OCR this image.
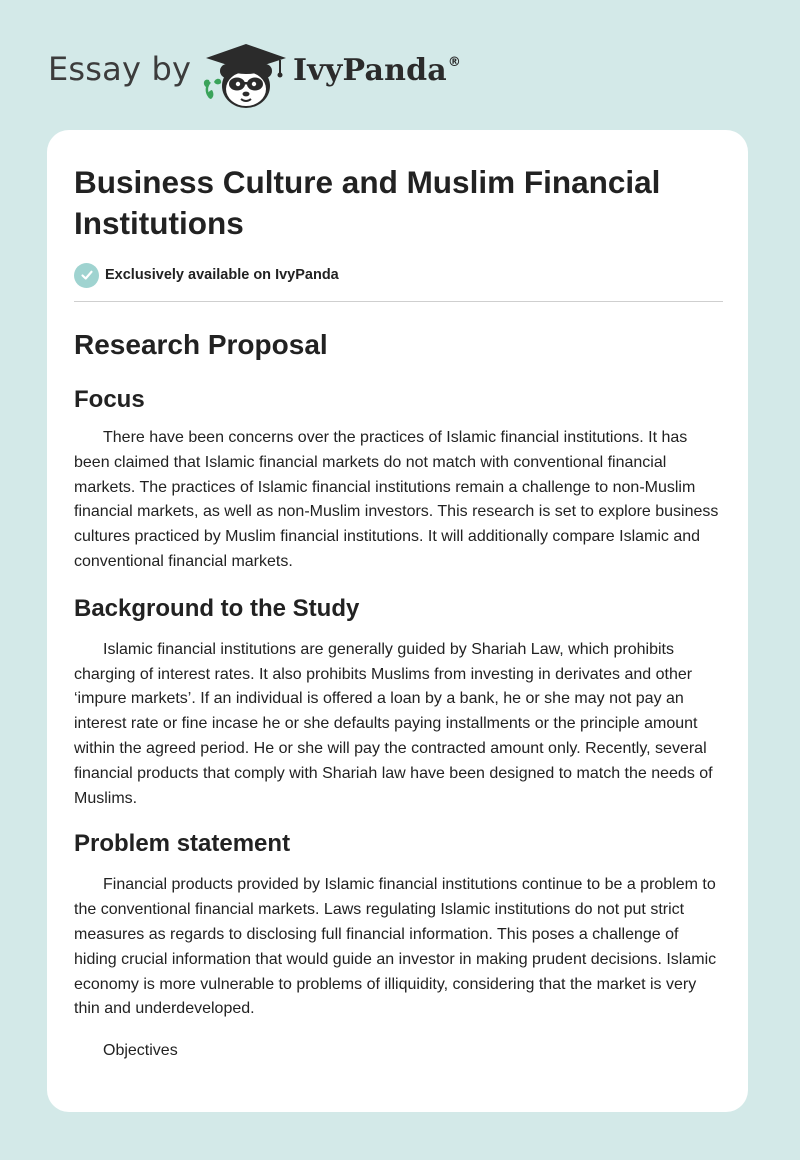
Essay by	IvyPanda®
Business Culture and Muslim Financial Institutions
Exclusively available on IvyPanda
Research Proposal
Focus

There have been concerns over the practices of Islamic financial institutions. It has been claimed that Islamic financial markets do not match with conventional financial markets. The practices of Islamic financial institutions remain a challenge to non-Muslim financial markets, as well as non-Muslim investors. This research is set to explore business cultures practiced by Muslim financial institutions. It will additionally compare Islamic and conventional financial markets.

Background to the Study

Islamic financial institutions are generally guided by Shariah Law, which prohibits charging of interest rates. It also prohibits Muslims from investing in derivates and other ‘impure markets’. If an individual is offered a loan by a bank, he or she may not pay an interest rate or fine incase he or she defaults paying installments or the principle amount within the agreed period. He or she will pay the contracted amount only. Recently, several financial products that comply with Shariah law have been designed to match the needs of Muslims.

Problem statement

Financial products provided by Islamic financial institutions continue to be a problem to the conventional financial markets. Laws regulating Islamic institutions do not put strict measures as regards to disclosing full financial information. This poses a challenge of hiding crucial information that would guide an investor in making prudent decisions. Islamic economy is more vulnerable to problems of illiquidity, considering that the market is very thin and underdeveloped.

Objectives
